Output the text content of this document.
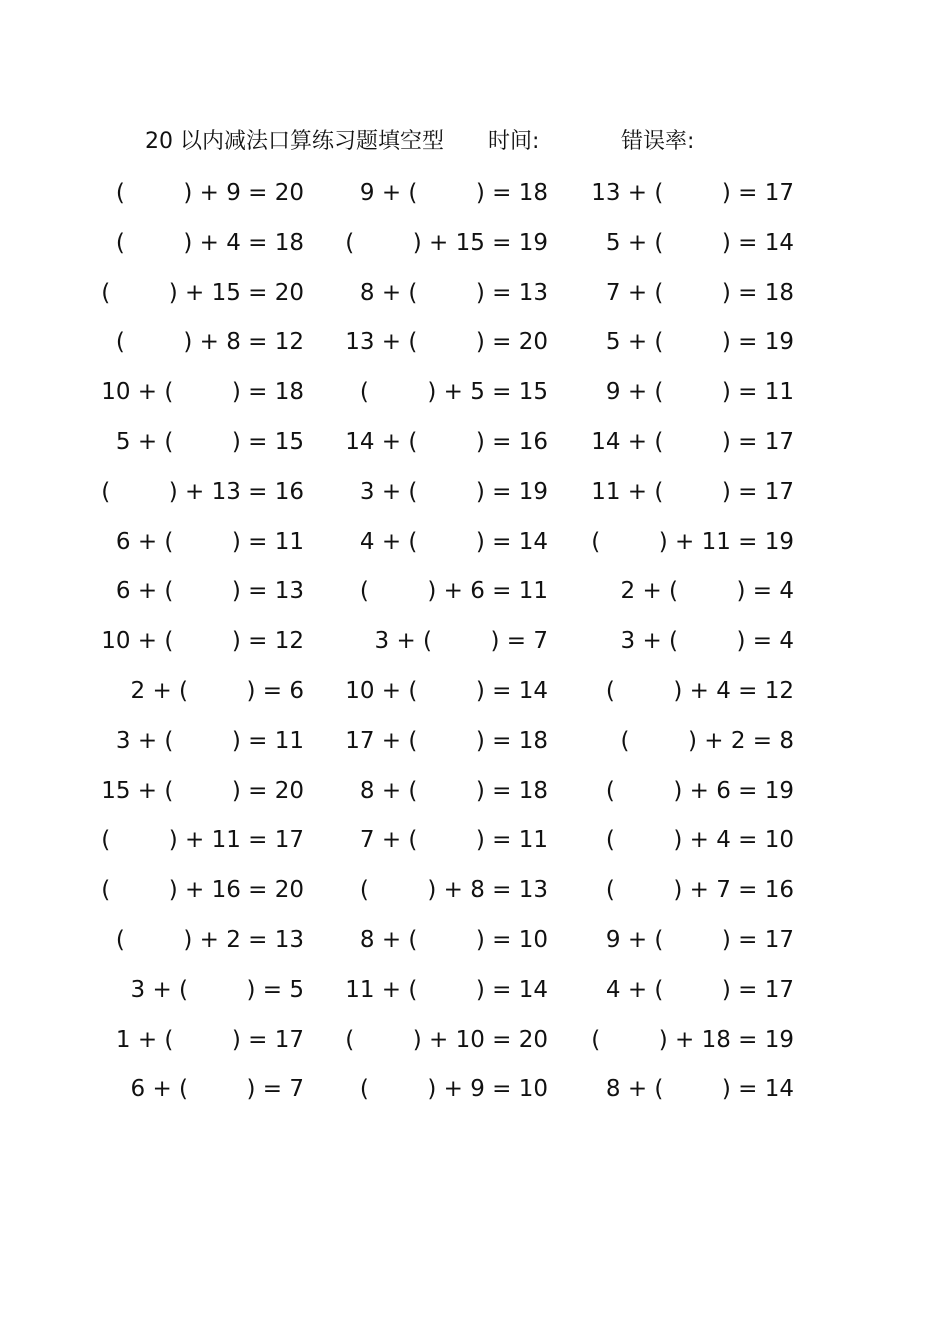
20 以内减法口算练习题填空型 时间:	错误率:
(        ) + 9 = 20 9 + (        ) = 18 13 + (        ) = 17
(        ) + 4 = 18 (        ) + 15 = 19	5 + (        ) = 14
(        ) + 15 = 20 8 + (        ) = 13	7 + (        ) = 18
(        ) + 8 = 12 13 + (        ) = 20	5 + (        ) = 19
10 + (        ) = 18 (        ) + 5 = 15	9 + (        ) = 11
5 + (        ) = 15 14 + (        ) = 16 14 + (        ) = 17
(        ) + 13 = 16 3 + (        ) = 19 11 + (        ) = 17
6 + (        ) = 11 4 + (        ) = 14 (        ) + 11 = 19
6 + (        ) = 13 (        ) + 6 = 11	2 + (        ) = 4
10 + (        ) = 12	3 + (        ) = 7	3 + (        ) = 4
2 + (        ) = 6 10 + (        ) = 14	(        ) + 4 = 12
3 + (        ) = 11 17 + (        ) = 18	(        ) + 2 = 8
15 + (        ) = 20 8 + (        ) = 18	(        ) + 6 = 19
(        ) + 11 = 17 7 + (        ) = 11	(        ) + 4 = 10
(        ) + 16 = 20 (        ) + 8 = 13	(        ) + 7 = 16
(        ) + 2 = 13 8 + (        ) = 10	9 + (        ) = 17
3 + (        ) = 5 11 + (        ) = 14	4 + (        ) = 17
1 + (        ) = 17 (        ) + 10 = 20 (        ) + 18 = 19
6 + (        ) = 7 (        ) + 9 = 10	8 + (        ) = 14
